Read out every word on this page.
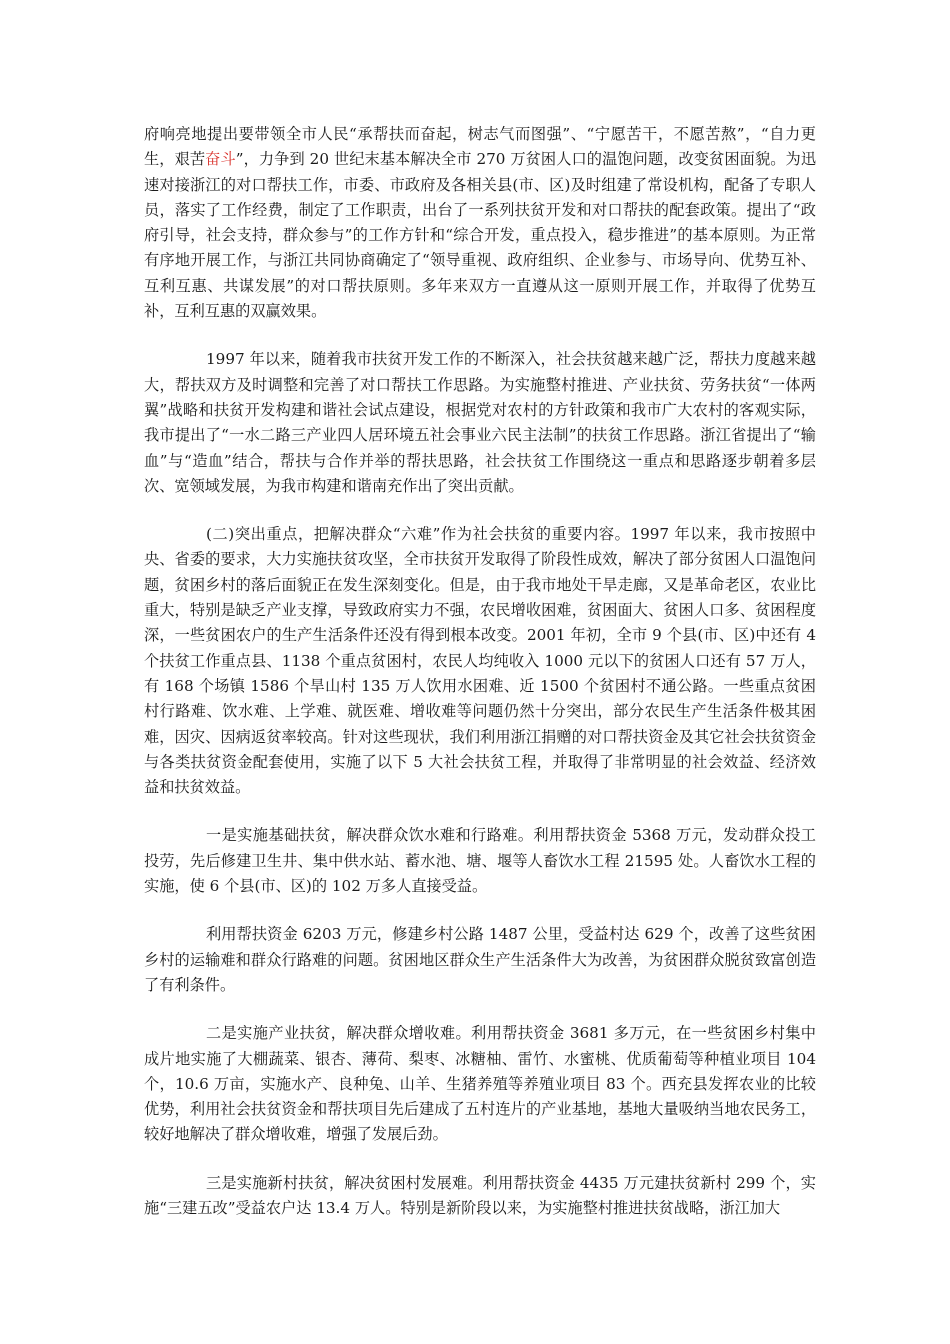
府响亮地提出要带领全市人民“承帮扶而奋起，树志气而图强”、“宁愿苦干，不愿苦熬”，“自力更生，艰苦奋斗”，力争到 20 世纪末基本解决全市 270 万贫困人口的温饱问题，改变贫困面貌。为迅速对接浙江的对口帮扶工作，市委、市政府及各相关县(市、区)及时组建了常设机构，配备了专职人员，落实了工作经费，制定了工作职责，出台了一系列扶贫开发和对口帮扶的配套政策。提出了“政府引导，社会支持，群众参与”的工作方针和“综合开发，重点投入，稳步推进”的基本原则。为正常有序地开展工作，与浙江共同协商确定了“领导重视、政府组织、企业参与、市场导向、优势互补、互利互惠、共谋发展”的对口帮扶原则。多年来双方一直遵从这一原则开展工作，并取得了优势互补，互利互惠的双赢效果。

1997 年以来，随着我市扶贫开发工作的不断深入，社会扶贫越来越广泛，帮扶力度越来越大，帮扶双方及时调整和完善了对口帮扶工作思路。为实施整村推进、产业扶贫、劳务扶贫“一体两翼”战略和扶贫开发构建和谐社会试点建设，根据党对农村的方针政策和我市广大农村的客观实际，我市提出了“一水二路三产业四人居环境五社会事业六民主法制”的扶贫工作思路。浙江省提出了“输血”与“造血”结合，帮扶与合作并举的帮扶思路，社会扶贫工作围绕这一重点和思路逐步朝着多层次、宽领域发展，为我市构建和谐南充作出了突出贡献。

(二)突出重点，把解决群众“六难”作为社会扶贫的重要内容。1997 年以来，我市按照中央、省委的要求，大力实施扶贫攻坚，全市扶贫开发取得了阶段性成效，解决了部分贫困人口温饱问题，贫困乡村的落后面貌正在发生深刻变化。但是，由于我市地处干旱走廊，又是革命老区，农业比重大，特别是缺乏产业支撑，导致政府实力不强，农民增收困难，贫困面大、贫困人口多、贫困程度深，一些贫困农户的生产生活条件还没有得到根本改变。2001 年初，全市 9 个县(市、区)中还有 4 个扶贫工作重点县、1138 个重点贫困村，农民人均纯收入 1000 元以下的贫困人口还有 57 万人，有 168 个场镇 1586 个旱山村 135 万人饮用水困难、近 1500 个贫困村不通公路。一些重点贫困村行路难、饮水难、上学难、就医难、增收难等问题仍然十分突出，部分农民生产生活条件极其困难，因灾、因病返贫率较高。针对这些现状，我们利用浙江捐赠的对口帮扶资金及其它社会扶贫资金与各类扶贫资金配套使用，实施了以下 5 大社会扶贫工程，并取得了非常明显的社会效益、经济效益和扶贫效益。

一是实施基础扶贫，解决群众饮水难和行路难。利用帮扶资金 5368 万元，发动群众投工投劳，先后修建卫生井、集中供水站、蓄水池、塘、堰等人畜饮水工程 21595 处。人畜饮水工程的实施，使 6 个县(市、区)的 102 万多人直接受益。

利用帮扶资金 6203 万元，修建乡村公路 1487 公里，受益村达 629 个，改善了这些贫困乡村的运输难和群众行路难的问题。贫困地区群众生产生活条件大为改善，为贫困群众脱贫致富创造了有利条件。

二是实施产业扶贫，解决群众增收难。利用帮扶资金 3681 多万元，在一些贫困乡村集中成片地实施了大棚蔬菜、银杏、薄荷、梨枣、冰糖柚、雷竹、水蜜桃、优质葡萄等种植业项目 104 个，10.6 万亩，实施水产、良种兔、山羊、生猪养殖等养殖业项目 83 个。西充县发挥农业的比较优势，利用社会扶贫资金和帮扶项目先后建成了五村连片的产业基地，基地大量吸纳当地农民务工，较好地解决了群众增收难，增强了发展后劲。

三是实施新村扶贫，解决贫困村发展难。利用帮扶资金 4435 万元建扶贫新村 299 个，实施“三建五改”受益农户达 13.4 万人。特别是新阶段以来，为实施整村推进扶贫战略，浙江加大
